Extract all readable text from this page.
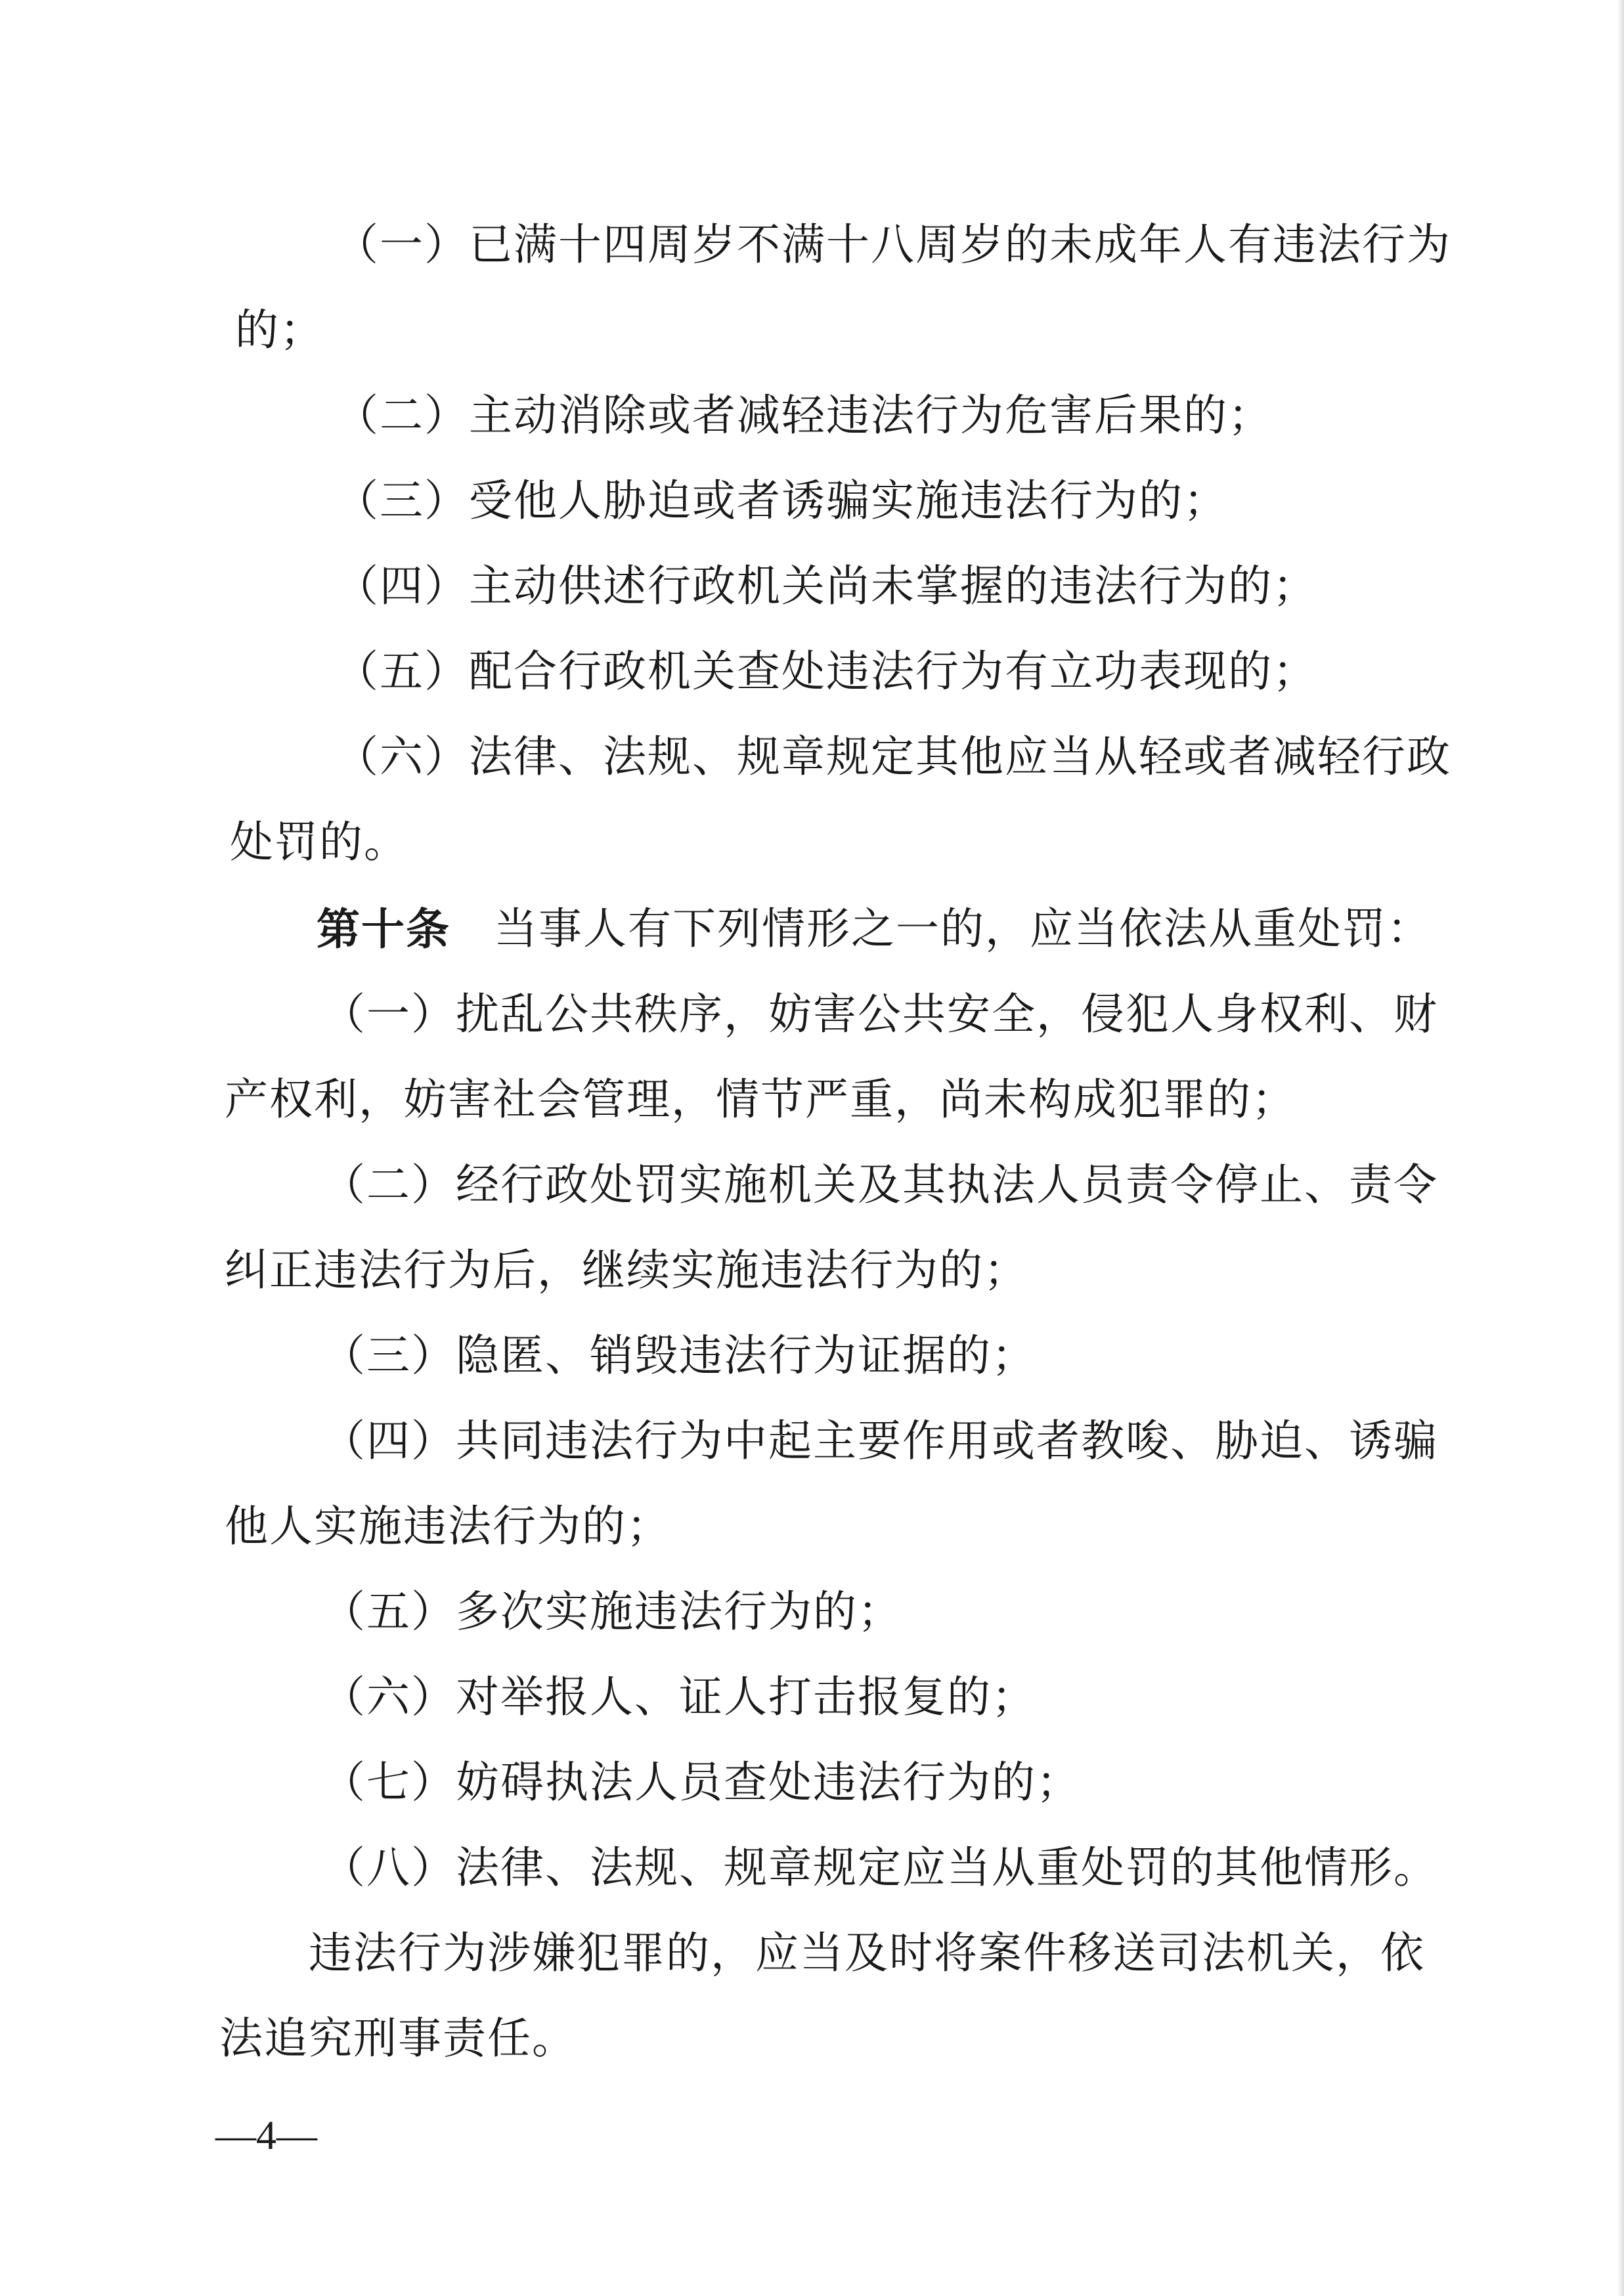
（一）已满十四周岁不满十八周岁的未成年人有违法行为
的；
（二）主动消除或者减轻违法行为危害后果的；
（三）受他人胁迫或者诱骗实施违法行为的；
（四）主动供述行政机关尚未掌握的违法行为的；
（五）配合行政机关查处违法行为有立功表现的；
（六）法律、法规、规章规定其他应当从轻或者减轻行政
处罚的。
第十条 当事人有下列情形之一的，应当依法从重处罚：
（一）扰乱公共秩序，妨害公共安全，侵犯人身权利、财
产权利，妨害社会管理，情节严重，尚未构成犯罪的；
（二）经行政处罚实施机关及其执法人员责令停止、责令
纠正违法行为后，继续实施违法行为的；
（三）隐匿、销毁违法行为证据的；
（四）共同违法行为中起主要作用或者教唆、胁迫、诱骗
他人实施违法行为的；
（五）多次实施违法行为的；
（六）对举报人、证人打击报复的；
（七）妨碍执法人员查处违法行为的；
（八）法律、法规、规章规定应当从重处罚的其他情形。
违法行为涉嫌犯罪的，应当及时将案件移送司法机关，依
法追究刑事责任。
—4—
